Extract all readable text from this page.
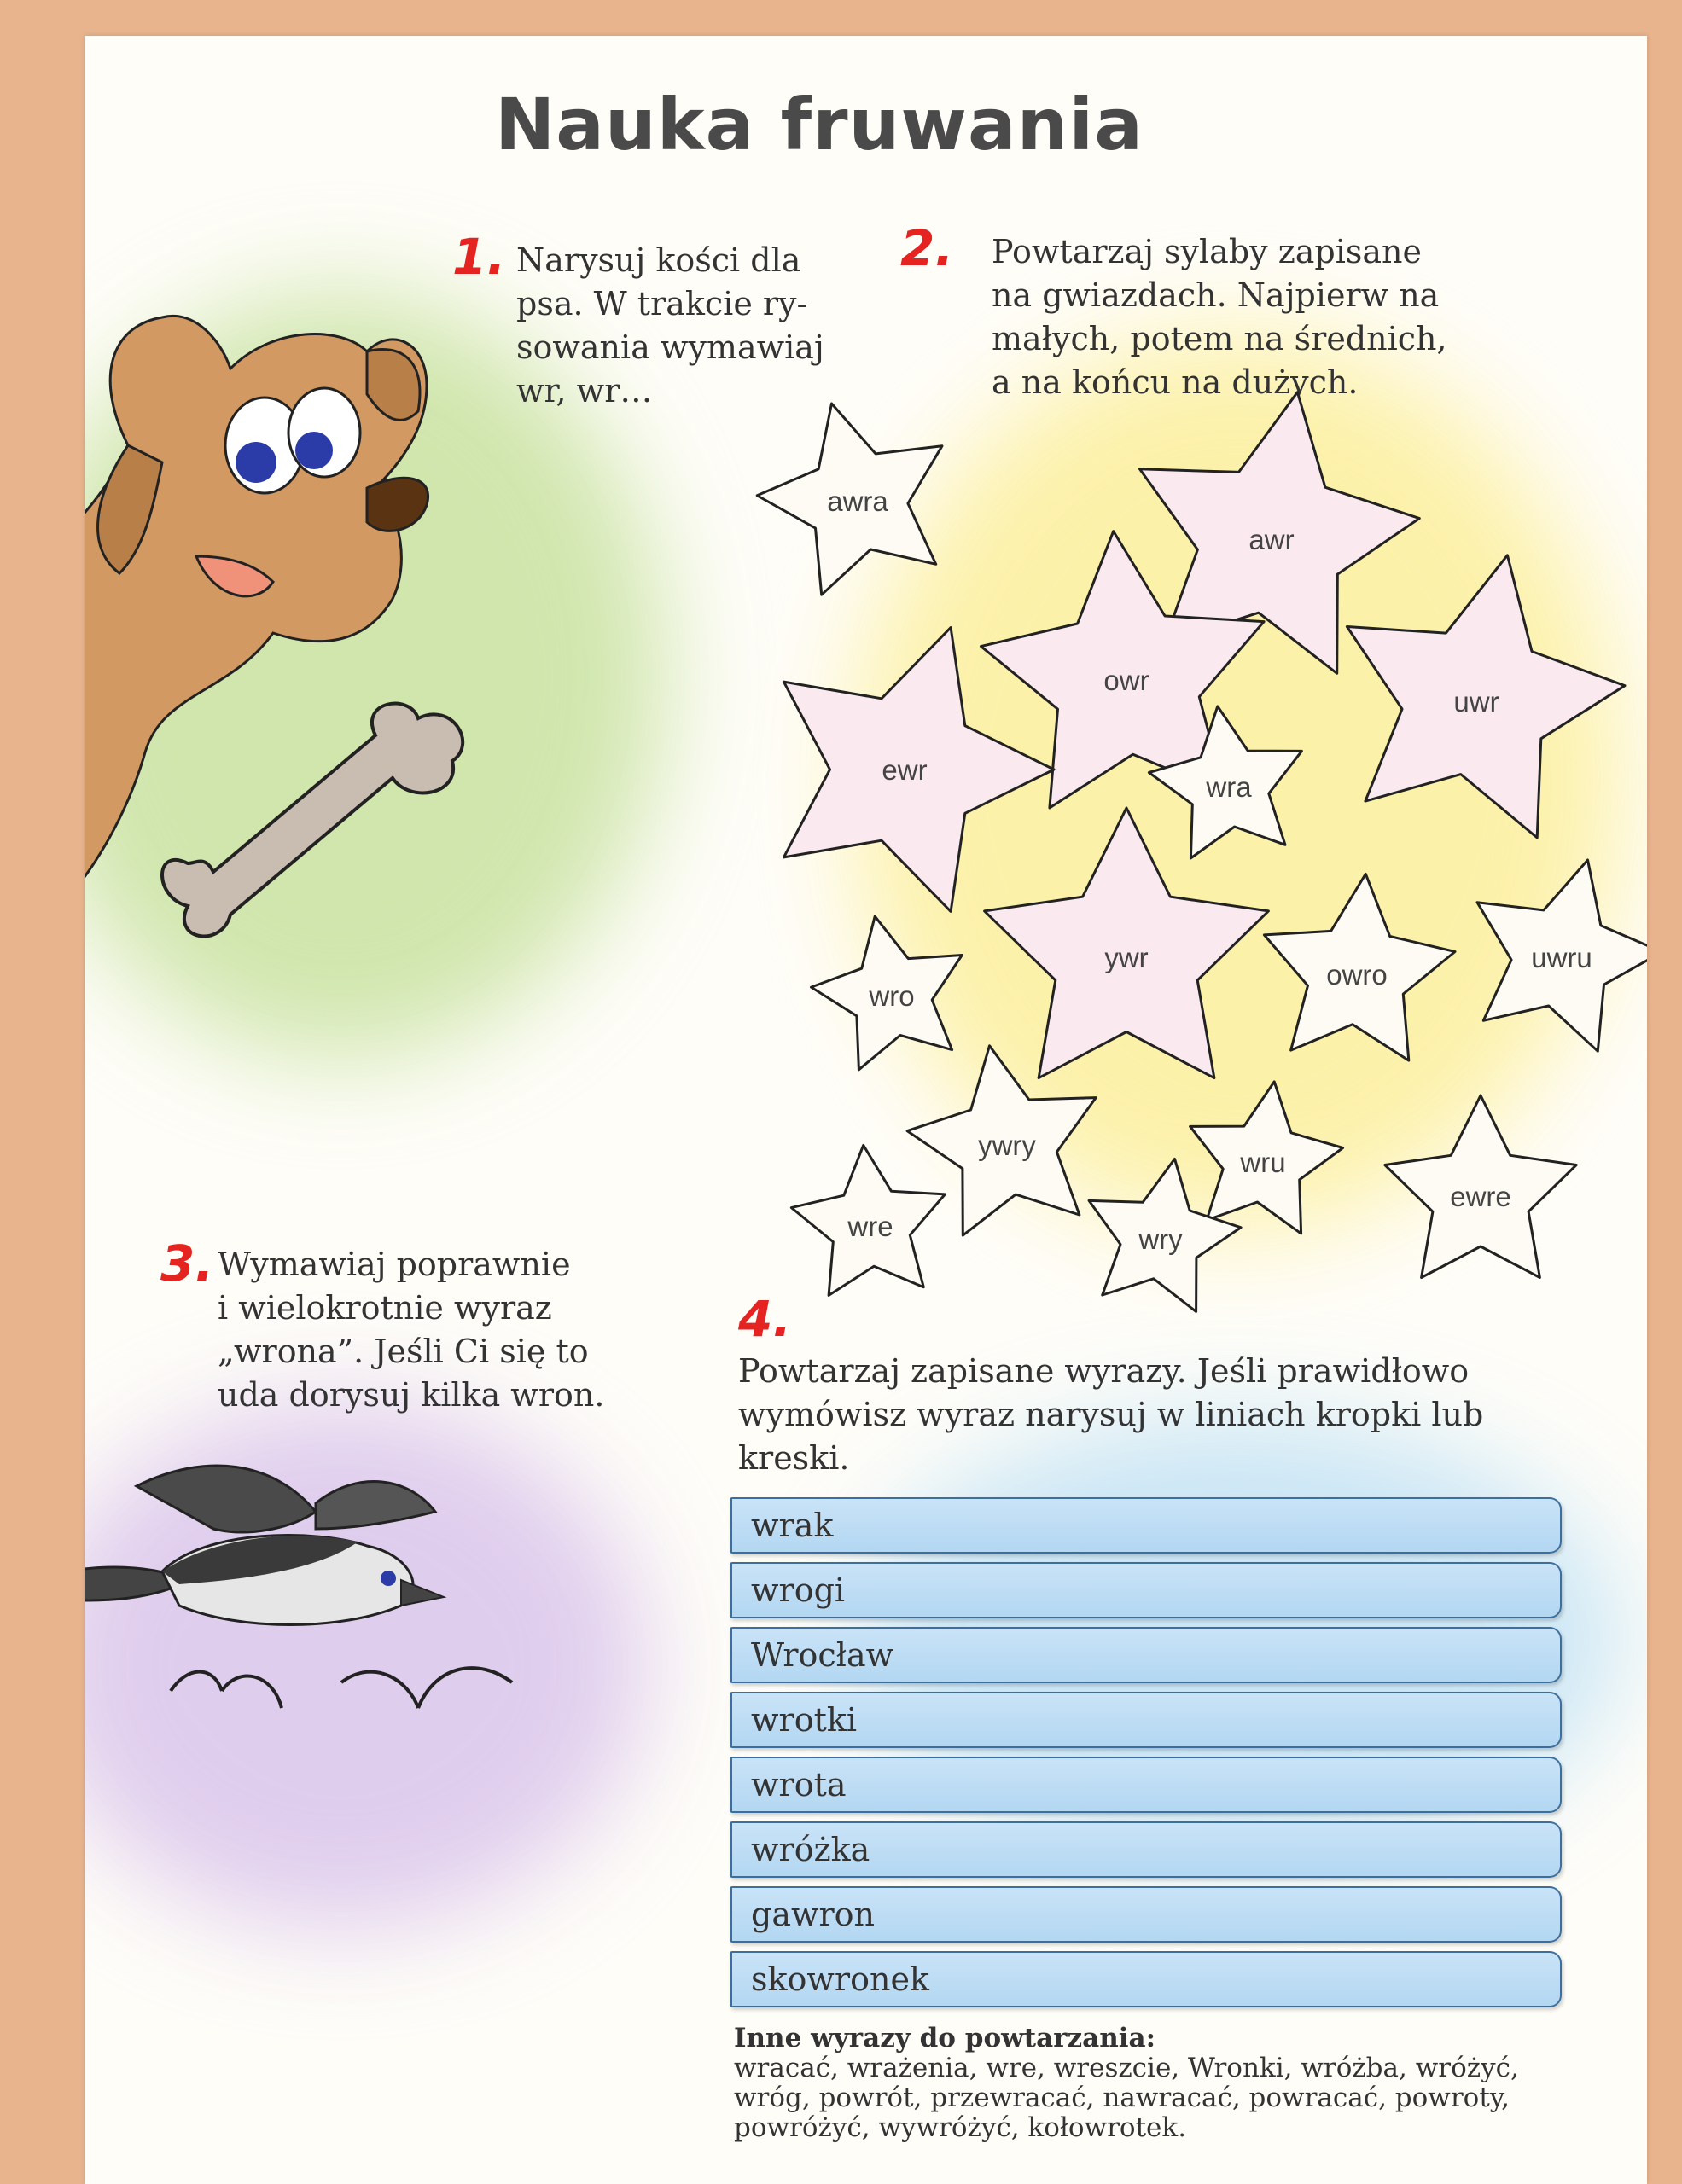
Nauka fruwania
1. Narysuj kości dla

psa. W trakcie ry-

sowania wymawiaj

wr, wr…

2. Powtarzaj sylaby zapisane

na gwiazdach. Najpierw na

małych, potem na średnich,

a na końcu na dużych.

awra
awr
owr
uwr
ewr
wra
ywr
wro
owro
uwru
ywry
wru
wre	wry
ewre
3. Wymawiaj poprawnie

i wielokrotnie wyraz

„wrona”. Jeśli Ci się to

uda dorysuj kilka wron.

4.

Powtarzaj zapisane wyrazy. Jeśli prawidłowo

wymówisz wyraz narysuj w liniach kropki lub

kreski.

wrak
wrogi
Wrocław
wrotki
wrota
wróżka
gawron
skowronek
Inne wyrazy do powtarzania:
wracać, wrażenia, wre, wreszcie, Wronki, wróżba, wróżyć,
wróg, powrót, przewracać, nawracać, powracać, powroty,
powróżyć, wywróżyć, kołowrotek.
